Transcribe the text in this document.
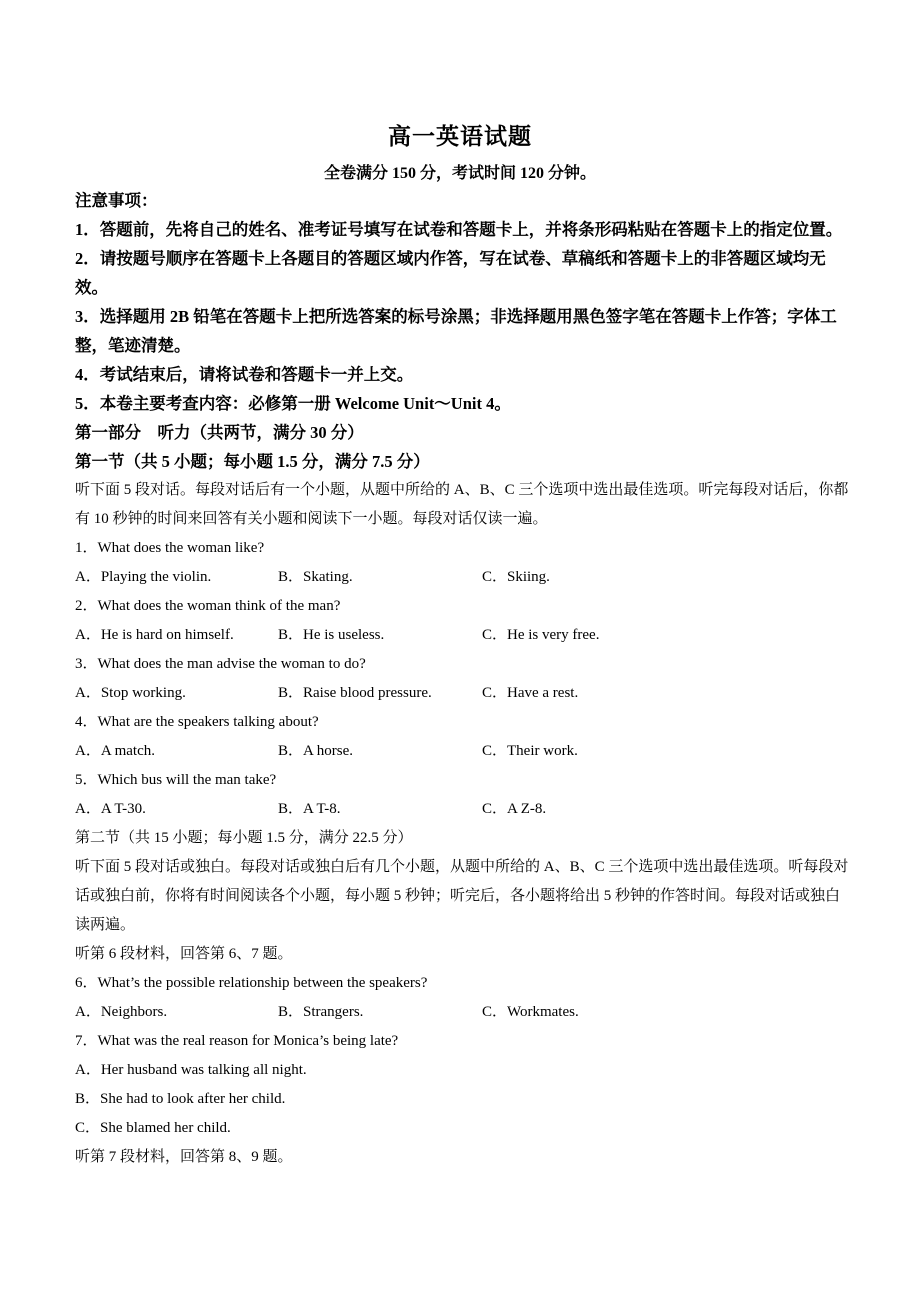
高一英语试题
全卷满分 150 分，考试时间 120 分钟。

注意事项：

1．答题前，先将自己的姓名、准考证号填写在试卷和答题卡上，并将条形码粘贴在答题卡上的指定位置。

2．请按题号顺序在答题卡上各题目的答题区域内作答，写在试卷、草稿纸和答题卡上的非答题区域均无效。

3．选择题用 2B 铅笔在答题卡上把所选答案的标号涂黑；非选择题用黑色签字笔在答题卡上作答；字体工整，笔迹清楚。

4．考试结束后，请将试卷和答题卡一并上交。

5．本卷主要考查内容：必修第一册 Welcome Unit～Unit 4。

第一部分　听力（共两节，满分 30 分）

第一节（共 5 小题；每小题 1.5 分，满分 7.5 分）

听下面 5 段对话。每段对话后有一个小题，从题中所给的 A、B、C 三个选项中选出最佳选项。听完每段对话后，你都有 10 秒钟的时间来回答有关小题和阅读下一小题。每段对话仅读一遍。

1．What does the woman like?

A．Playing the violin.	B．Skating.	C．Skiing.

2．What does the woman think of the man?

A．He is hard on himself.	B．He is useless.	C．He is very free.

3．What does the man advise the woman to do?

A．Stop working.	B．Raise blood pressure.	C．Have a rest.

4．What are the speakers talking about?

A．A match.	B．A horse.	C．Their work.

5．Which bus will the man take?

A．A T-30.	B．A T-8.	C．A Z-8.

第二节（共 15 小题；每小题 1.5 分，满分 22.5 分）

听下面 5 段对话或独白。每段对话或独白后有几个小题，从题中所给的 A、B、C 三个选项中选出最佳选项。听每段对话或独白前，你将有时间阅读各个小题，每小题 5 秒钟；听完后，各小题将给出 5 秒钟的作答时间。每段对话或独白读两遍。

听第 6 段材料，回答第 6、7 题。

6．What’s the possible relationship between the speakers?

A．Neighbors.	B．Strangers.	C．Workmates.

7．What was the real reason for Monica’s being late?

A．Her husband was talking all night.

B．She had to look after her child.

C．She blamed her child.

听第 7 段材料，回答第 8、9 题。
